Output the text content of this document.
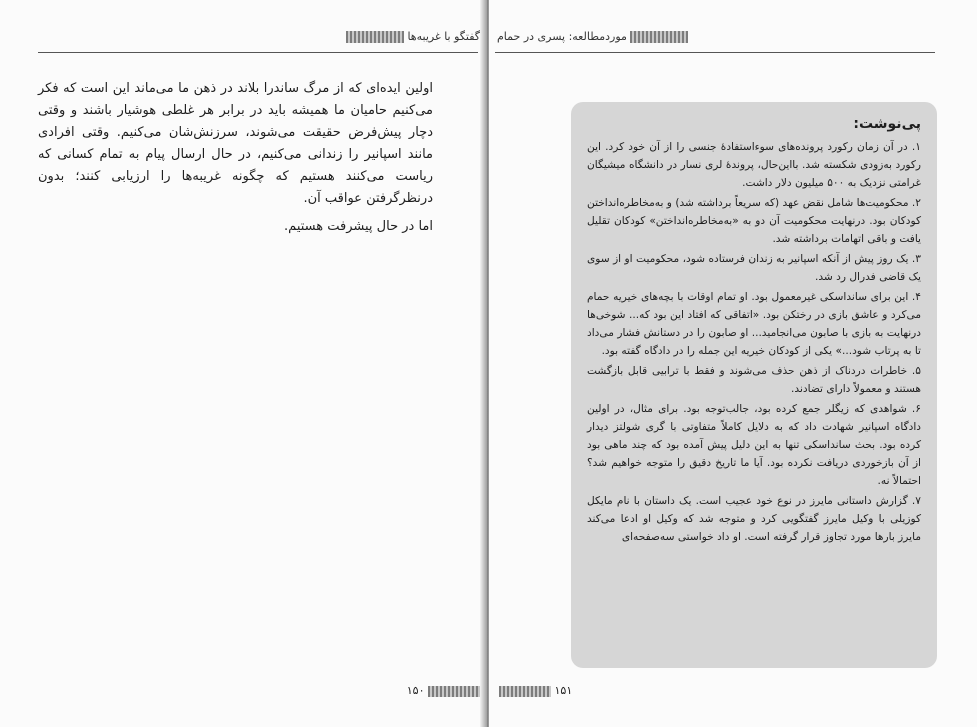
گفتگو با غریبه‌ها

اولین ایده‌ای که از مرگ ساندرا بلاند در ذهن ما می‌ماند این است که فکر می‌کنیم حامیان ما همیشه باید در برابر هر غلطی هوشیار باشند و وقتی دچار پیش‌فرض حقیقت می‌شوند، سرزنش‌شان می‌کنیم. وقتی افرادی مانند اسپانیر را زندانی می‌کنیم، در حال ارسال پیام به تمام کسانی که ریاست می‌کنند هستیم که چگونه غریبه‌ها را ارزیابی کنند؛ بدون درنظرگرفتن عواقب آن.

اما در حال پیشرفت هستیم.

۱۵۰
موردمطالعه: پسری در حمام
پی‌نوشت:

۱. در آن زمان رکورد پرونده‌های سوءاستفادهٔ جنسی را از آن خود کرد. این رکورد به‌زودی شکسته شد. بااین‌حال، پروندهٔ لری نسار در دانشگاه میشیگان غرامتی نزدیک به ۵۰۰ میلیون دلار داشت.

۲. محکومیت‌ها شامل نقض عهد (که سریعاً برداشته شد) و به‌مخاطره‌انداختن کودکان بود. درنهایت محکومیت آن دو به «به‌مخاطره‌انداختن» کودکان تقلیل یافت و باقی اتهامات برداشته شد.

۳. یک روز پیش از آنکه اسپانیر به زندان فرستاده شود، محکومیت او از سوی یک قاضی فدرال رد شد.

۴. این برای سانداسکی غیرمعمول بود. او تمام اوقات با بچه‌های خیریه حمام می‌کرد و عاشق بازی در رختکن بود. «اتفاقی که افتاد این بود که... شوخی‌ها درنهایت به بازی با صابون می‌انجامید... او صابون را در دستانش فشار می‌داد تا به پرتاب شود...» یکی از کودکان خیریه این جمله را در دادگاه گفته بود.

۵. خاطرات دردناک از ذهن حذف می‌شوند و فقط با ترابیی قابل بازگشت هستند و معمولاً دارای تضادند.

۶. شواهدی که زیگلر جمع کرده بود، جالب‌توجه بود. برای مثال، در اولین دادگاه اسپانیر شهادت داد که به دلایل کاملاً متفاوتی با گری شولتز دیدار کرده بود. بحث سانداسکی تنها به این دلیل پیش آمده بود که چند ماهی بود از آن بازخوردی دریافت نکرده بود. آیا ما تاریخ دقیق را متوجه خواهیم شد؟ احتمالاً نه.

۷. گزارش داستانی مایرز در نوع خود عجیب است. یک داستان با نام مایکل کوزیلی با وکیل مایرز گفتگویی کرد و متوجه شد که وکیل او ادعا می‌کند مایرز بارها مورد تجاوز قرار گرفته است. او داد خواستی سه‌صفحه‌ای

۱۵۱
